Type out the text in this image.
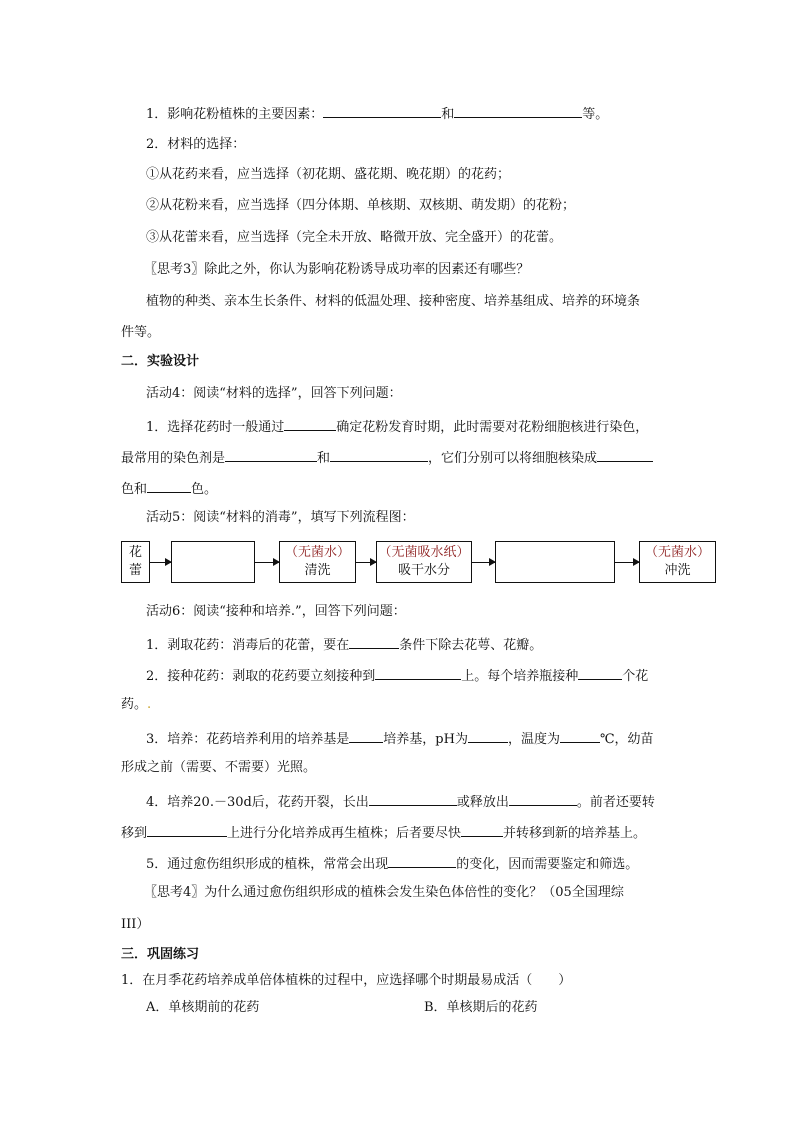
1．影响花粉植株的主要因素：	和	等。
2．材料的选择：
①从花药来看，应当选择（初花期、盛花期、晚花期）的花药；
②从花粉来看，应当选择（四分体期、单核期、双核期、萌发期）的花粉；
③从花蕾来看，应当选择（完全未开放、略微开放、完全盛开）的花蕾。
〖思考3〗除此之外，你认为影响花粉诱导成功率的因素还有哪些？
植物的种类、亲本生长条件、材料的低温处理、接种密度、培养基组成、培养的环境条
件等。
二．实验设计
活动4：阅读“材料的选择”，回答下列问题：
1．选择花药时一般通过	确定花粉发育时期，此时需要对花粉细胞核进行染色，
最常用的染色剂是	和	，它们分别可以将细胞核染成
色和	色。
活动5：阅读“材料的消毒”，填写下列流程图：
花
蕾
（无菌水）
清洗
（无菌吸水纸）
吸干水分
（无菌水）
冲洗
活动6：阅读“接种和培养.”，回答下列问题：
1．剥取花药：消毒后的花蕾，要在	条件下除去花萼、花瓣。
2．接种花药：剥取的花药要立刻接种到	上。每个培养瓶接种	个花
药。.
3．培养：花药培养利用的培养基是	培养基，pH为	，温度为	℃，幼苗
形成之前（需要、不需要）光照。
4．培养20.－30d后，花药开裂，长出	或释放出	。前者还要转
移到	上进行分化培养成再生植株；后者要尽快	并转移到新的培养基上。
5．通过愈伤组织形成的植株，常常会出现	的变化，因而需要鉴定和筛选。
〖思考4〗为什么通过愈伤组织形成的植株会发生染色体倍性的变化？（05全国理综
III）
三．巩固练习
1．在月季花药培养成单倍体植株的过程中，应选择哪个时期最易成活（　　）
A．单核期前的花药	B．单核期后的花药
